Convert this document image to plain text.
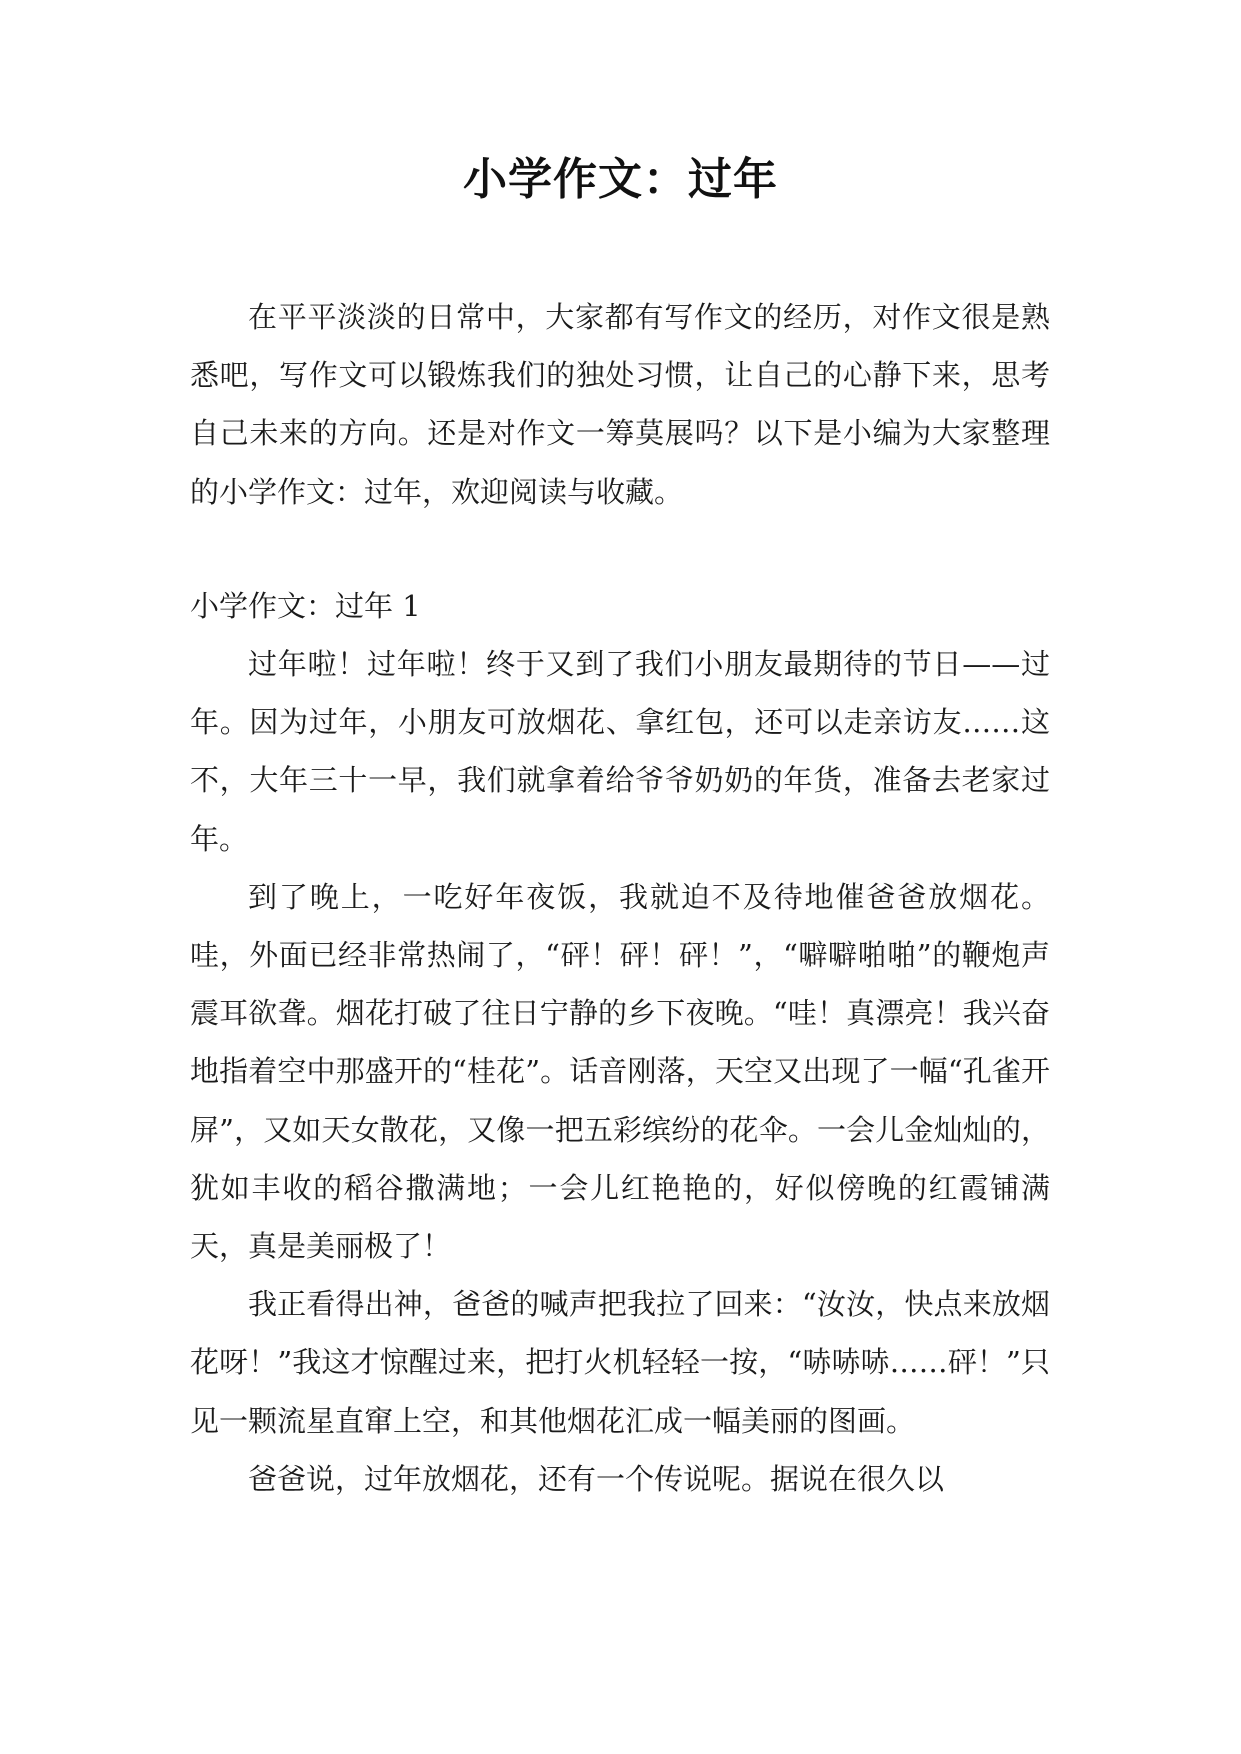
小学作文：过年

在平平淡淡的日常中，大家都有写作文的经历，对作文很是熟悉吧，写作文可以锻炼我们的独处习惯，让自己的心静下来，思考自己未来的方向。还是对作文一筹莫展吗？以下是小编为大家整理的小学作文：过年，欢迎阅读与收藏。

小学作文：过年 1

过年啦！过年啦！终于又到了我们小朋友最期待的节日——过年。因为过年，小朋友可放烟花、拿红包，还可以走亲访友……这不，大年三十一早，我们就拿着给爷爷奶奶的年货，准备去老家过年。

到了晚上，一吃好年夜饭，我就迫不及待地催爸爸放烟花。哇，外面已经非常热闹了，“砰！砰！砰！”，“噼噼啪啪”的鞭炮声震耳欲聋。烟花打破了往日宁静的乡下夜晚。“哇！真漂亮！我兴奋地指着空中那盛开的“桂花”。话音刚落，天空又出现了一幅“孔雀开屏”，又如天女散花，又像一把五彩缤纷的花伞。一会儿金灿灿的，犹如丰收的稻谷撒满地；一会儿红艳艳的，好似傍晚的红霞铺满天，真是美丽极了！

我正看得出神，爸爸的喊声把我拉了回来：“汝汝，快点来放烟花呀！”我这才惊醒过来，把打火机轻轻一按，“哧哧哧……砰！”只见一颗流星直窜上空，和其他烟花汇成一幅美丽的图画。

爸爸说，过年放烟花，还有一个传说呢。据说在很久以
